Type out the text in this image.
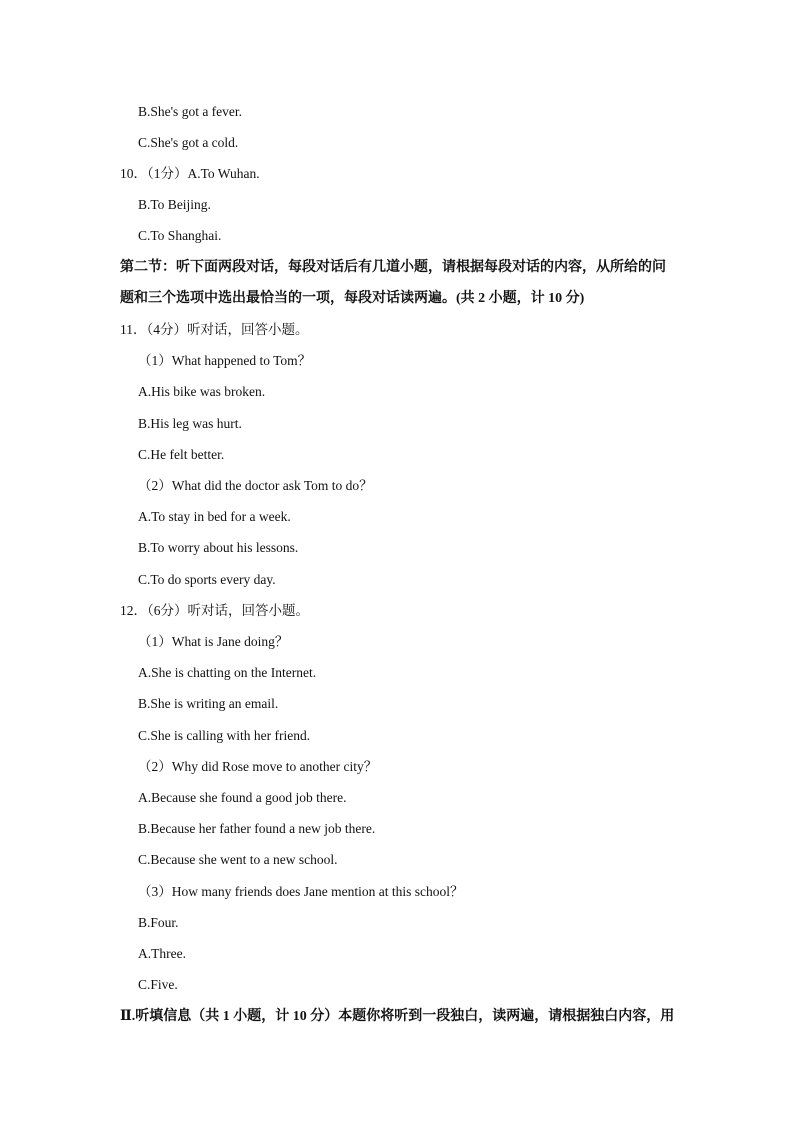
B.She's got a fever.
C.She's got a cold.
10．（1分）A.To Wuhan.
B.To Beijing.
C.To Shanghai.
第二节：听下面两段对话，每段对话后有几道小题，请根据每段对话的内容，从所给的问
题和三个选项中选出最恰当的一项，每段对话读两遍。(共 2 小题，计 10 分)
11．（4分）听对话，回答小题。
（1）What happened to Tom？
A.His bike was broken.
B.His leg was hurt.
C.He felt better.
（2）What did the doctor ask Tom to do？
A.To stay in bed for a week.
B.To worry about his lessons.
C.To do sports every day.
12．（6分）听对话，回答小题。
（1）What is Jane doing？
A.She is chatting on the Internet.
B.She is writing an email.
C.She is calling with her friend.
（2）Why did Rose move to another city？
A.Because she found a good job there.
B.Because her father found a new job there.
C.Because she went to a new school.
（3）How many friends does Jane mention at this school？
B.Four.
A.Three.
C.Five.
Ⅱ.听填信息（共 1 小题，计 10 分）本题你将听到一段独白，读两遍，请根据独白内容，用
